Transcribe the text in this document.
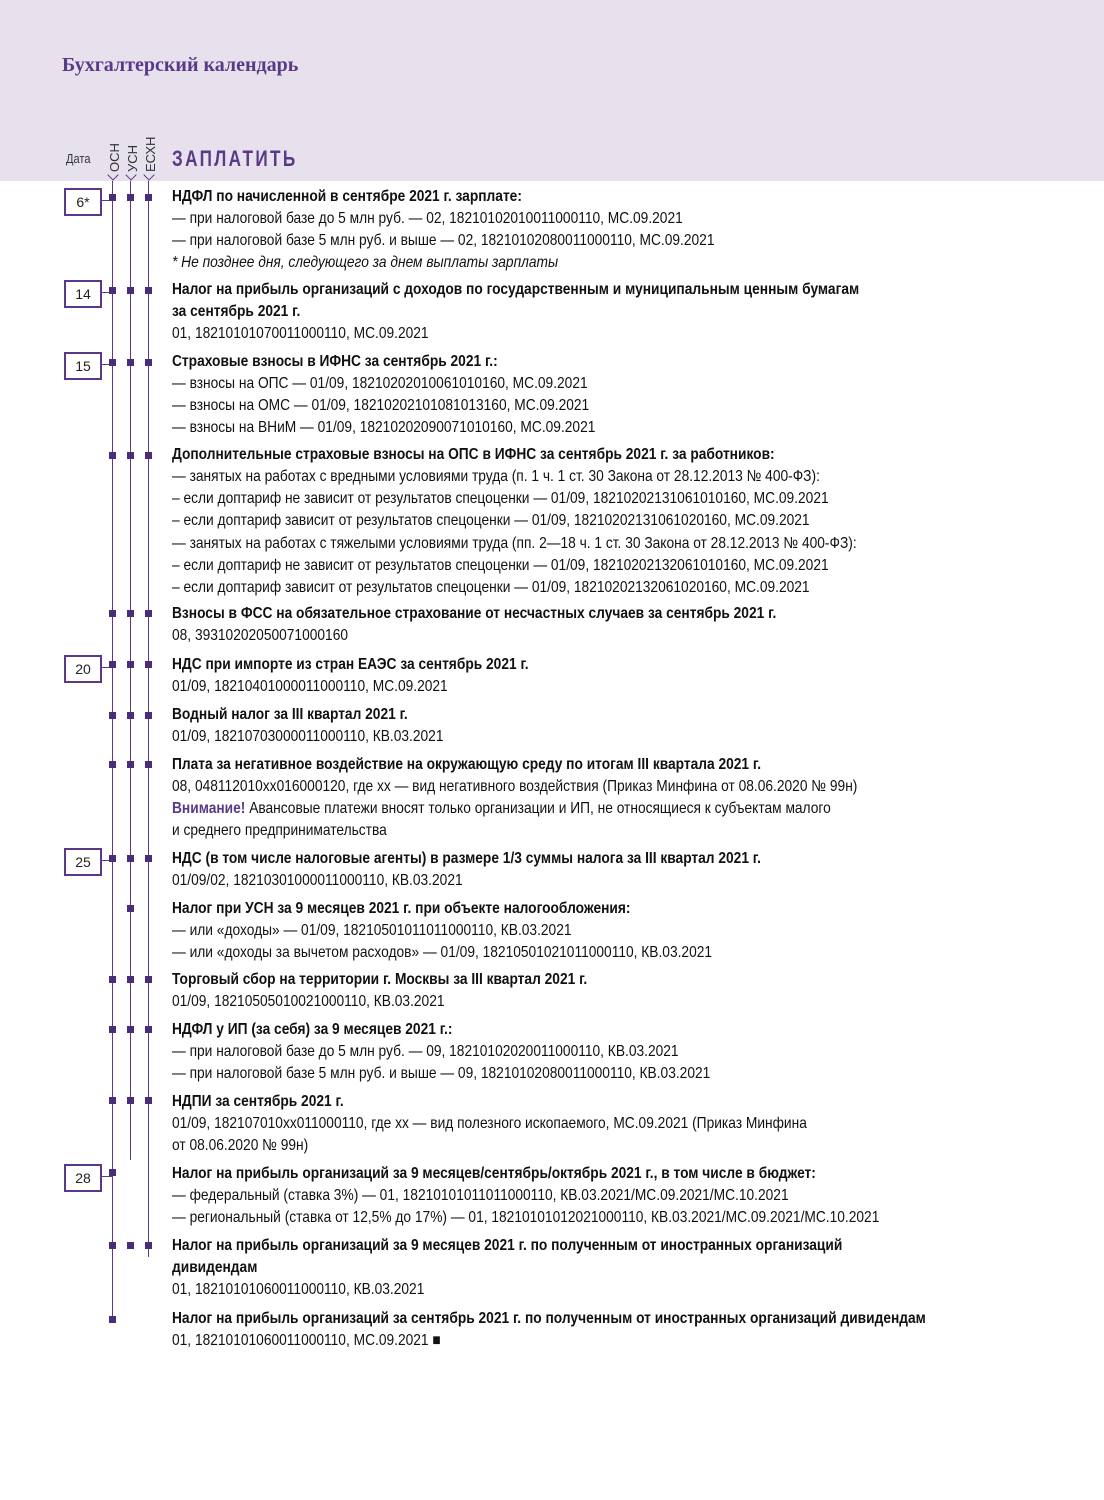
Бухгалтерский календарь
Дата ОСН УСН ЕСХН ЗАПЛАТИТЬ
6*
14
15
20
25
28
НДФЛ по начисленной в сентябре 2021 г. зарплате:
— при налоговой базе до 5 млн руб. — 02, 18210102010011000110, МС.09.2021
— при налоговой базе 5 млн руб. и выше — 02, 18210102080011000110, МС.09.2021
* Не позднее дня, следующего за днем выплаты зарплаты
Налог на прибыль организаций с доходов по государственным и муниципальным ценным бумагам
за сентябрь 2021 г.
01, 18210101070011000110, МС.09.2021
Страховые взносы в ИФНС за сентябрь 2021 г.:
— взносы на ОПС — 01/09, 18210202010061010160, МС.09.2021
— взносы на ОМС — 01/09, 18210202101081013160, МС.09.2021
— взносы на ВНиМ — 01/09, 18210202090071010160, МС.09.2021
Дополнительные страховые взносы на ОПС в ИФНС за сентябрь 2021 г. за работников:
— занятых на работах с вредными условиями труда (п. 1 ч. 1 ст. 30 Закона от 28.12.2013 № 400-ФЗ):
– если доптариф не зависит от результатов спецоценки — 01/09, 18210202131061010160, МС.09.2021
– если доптариф зависит от результатов спецоценки — 01/09, 18210202131061020160, МС.09.2021
— занятых на работах с тяжелыми условиями труда (пп. 2—18 ч. 1 ст. 30 Закона от 28.12.2013 № 400-ФЗ):
– если доптариф не зависит от результатов спецоценки — 01/09, 18210202132061010160, МС.09.2021
– если доптариф зависит от результатов спецоценки — 01/09, 18210202132061020160, МС.09.2021
Взносы в ФСС на обязательное страхование от несчастных случаев за сентябрь 2021 г.
08, 39310202050071000160
НДС при импорте из стран ЕАЭС за сентябрь 2021 г.
01/09, 18210401000011000110, МС.09.2021
Водный налог за III квартал 2021 г.
01/09, 18210703000011000110, КВ.03.2021
Плата за негативное воздействие на окружающую среду по итогам III квартала 2021 г.
08, 048112010xx016000120, где xx — вид негативного воздействия (Приказ Минфина от 08.06.2020 № 99н)
Внимание! Авансовые платежи вносят только организации и ИП, не относящиеся к субъектам малого
и среднего предпринимательства
НДС (в том числе налоговые агенты) в размере 1/3 суммы налога за III квартал 2021 г.
01/09/02, 18210301000011000110, КВ.03.2021
Налог при УСН за 9 месяцев 2021 г. при объекте налогообложения:
— или «доходы» — 01/09, 18210501011011000110, КВ.03.2021
— или «доходы за вычетом расходов» — 01/09, 18210501021011000110, КВ.03.2021
Торговый сбор на территории г. Москвы за III квартал 2021 г.
01/09, 18210505010021000110, КВ.03.2021
НДФЛ у ИП (за себя) за 9 месяцев 2021 г.:
— при налоговой базе до 5 млн руб. — 09, 18210102020011000110, КВ.03.2021
— при налоговой базе 5 млн руб. и выше — 09, 18210102080011000110, КВ.03.2021
НДПИ за сентябрь 2021 г.
01/09, 182107010xx011000110, где хх — вид полезного ископаемого, МС.09.2021 (Приказ Минфина
от 08.06.2020 № 99н)
Налог на прибыль организаций за 9 месяцев/сентябрь/октябрь 2021 г., в том числе в бюджет:
— федеральный (ставка 3%) — 01, 18210101011011000110, КВ.03.2021/МС.09.2021/МС.10.2021
— региональный (ставка от 12,5% до 17%) — 01, 18210101012021000110, КВ.03.2021/МС.09.2021/МС.10.2021
Налог на прибыль организаций за 9 месяцев 2021 г. по полученным от иностранных организаций
дивидендам
01, 18210101060011000110, КВ.03.2021
Налог на прибыль организаций за сентябрь 2021 г. по полученным от иностранных организаций дивидендам
01, 18210101060011000110, МС.09.2021 ■
